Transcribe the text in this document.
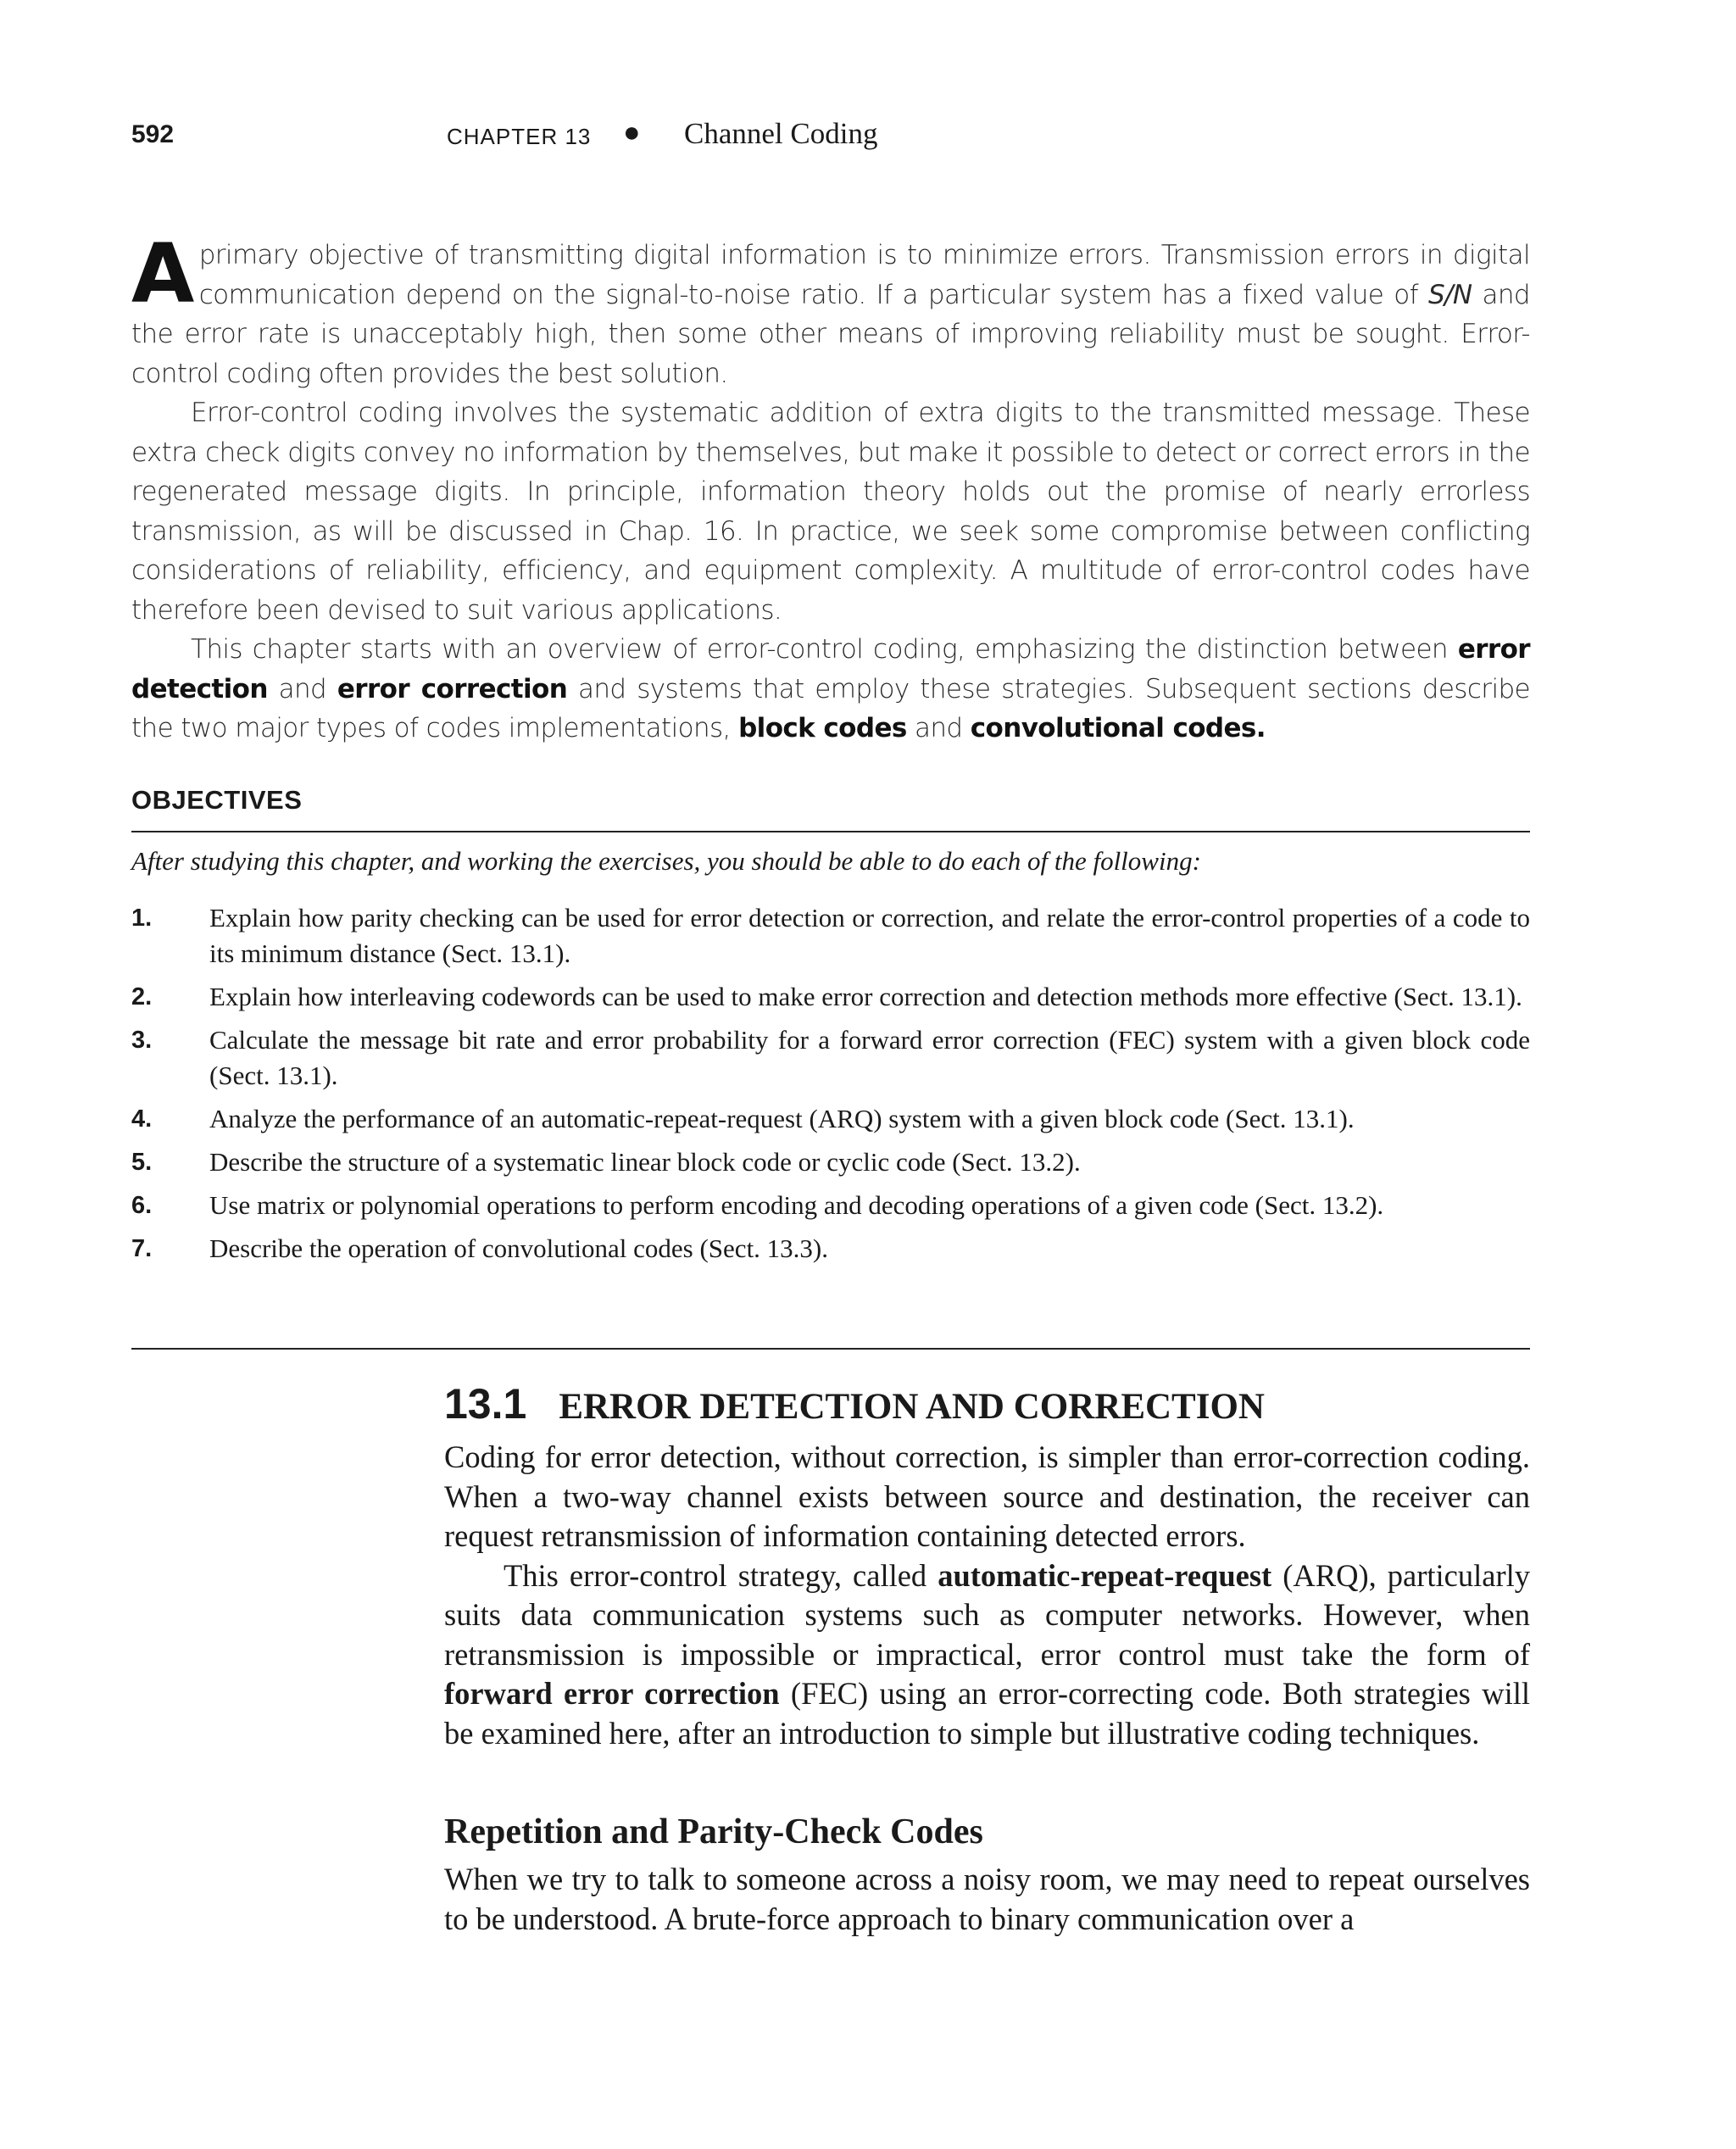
592	CHAPTER 13 ● Channel Coding

A primary objective of transmitting digital information is to minimize errors. Transmission errors in digital communication depend on the signal-to-noise ratio. If a particular system has a fixed value of S/N and the error rate is unacceptably high, then some other means of improving reliability must be sought. Error-control coding often provides the best solution.

Error-control coding involves the systematic addition of extra digits to the transmitted message. These extra check digits convey no information by themselves, but make it possible to detect or correct errors in the regenerated message digits. In principle, information theory holds out the promise of nearly errorless transmission, as will be discussed in Chap. 16. In practice, we seek some compromise between conflicting considerations of reliability, efficiency, and equipment complexity. A multitude of error-control codes have therefore been devised to suit various applications.

This chapter starts with an overview of error-control coding, emphasizing the distinction between error detection and error correction and systems that employ these strategies. Subsequent sections describe the two major types of codes implementations, block codes and convolutional codes.

OBJECTIVES
After studying this chapter, and working the exercises, you should be able to do each of the following:
1. Explain how parity checking can be used for error detection or correction, and relate the error-control properties of a code to its minimum distance (Sect. 13.1).
2. Explain how interleaving codewords can be used to make error correction and detection methods more effective (Sect. 13.1).
3. Calculate the message bit rate and error probability for a forward error correction (FEC) system with a given block code (Sect. 13.1).
4. Analyze the performance of an automatic-repeat-request (ARQ) system with a given block code (Sect. 13.1).
5. Describe the structure of a systematic linear block code or cyclic code (Sect. 13.2).
6. Use matrix or polynomial operations to perform encoding and decoding operations of a given code (Sect. 13.2).
7. Describe the operation of convolutional codes (Sect. 13.3).
13.1 ERROR DETECTION AND CORRECTION

Coding for error detection, without correction, is simpler than error-correction coding. When a two-way channel exists between source and destination, the receiver can request retransmission of information containing detected errors.

This error-control strategy, called automatic-repeat-request (ARQ), particularly suits data communication systems such as computer networks. However, when retransmission is impossible or impractical, error control must take the form of forward error correction (FEC) using an error-correcting code. Both strategies will be examined here, after an introduction to simple but illustrative coding techniques.

Repetition and Parity-Check Codes

When we try to talk to someone across a noisy room, we may need to repeat ourselves to be understood. A brute-force approach to binary communication over a
